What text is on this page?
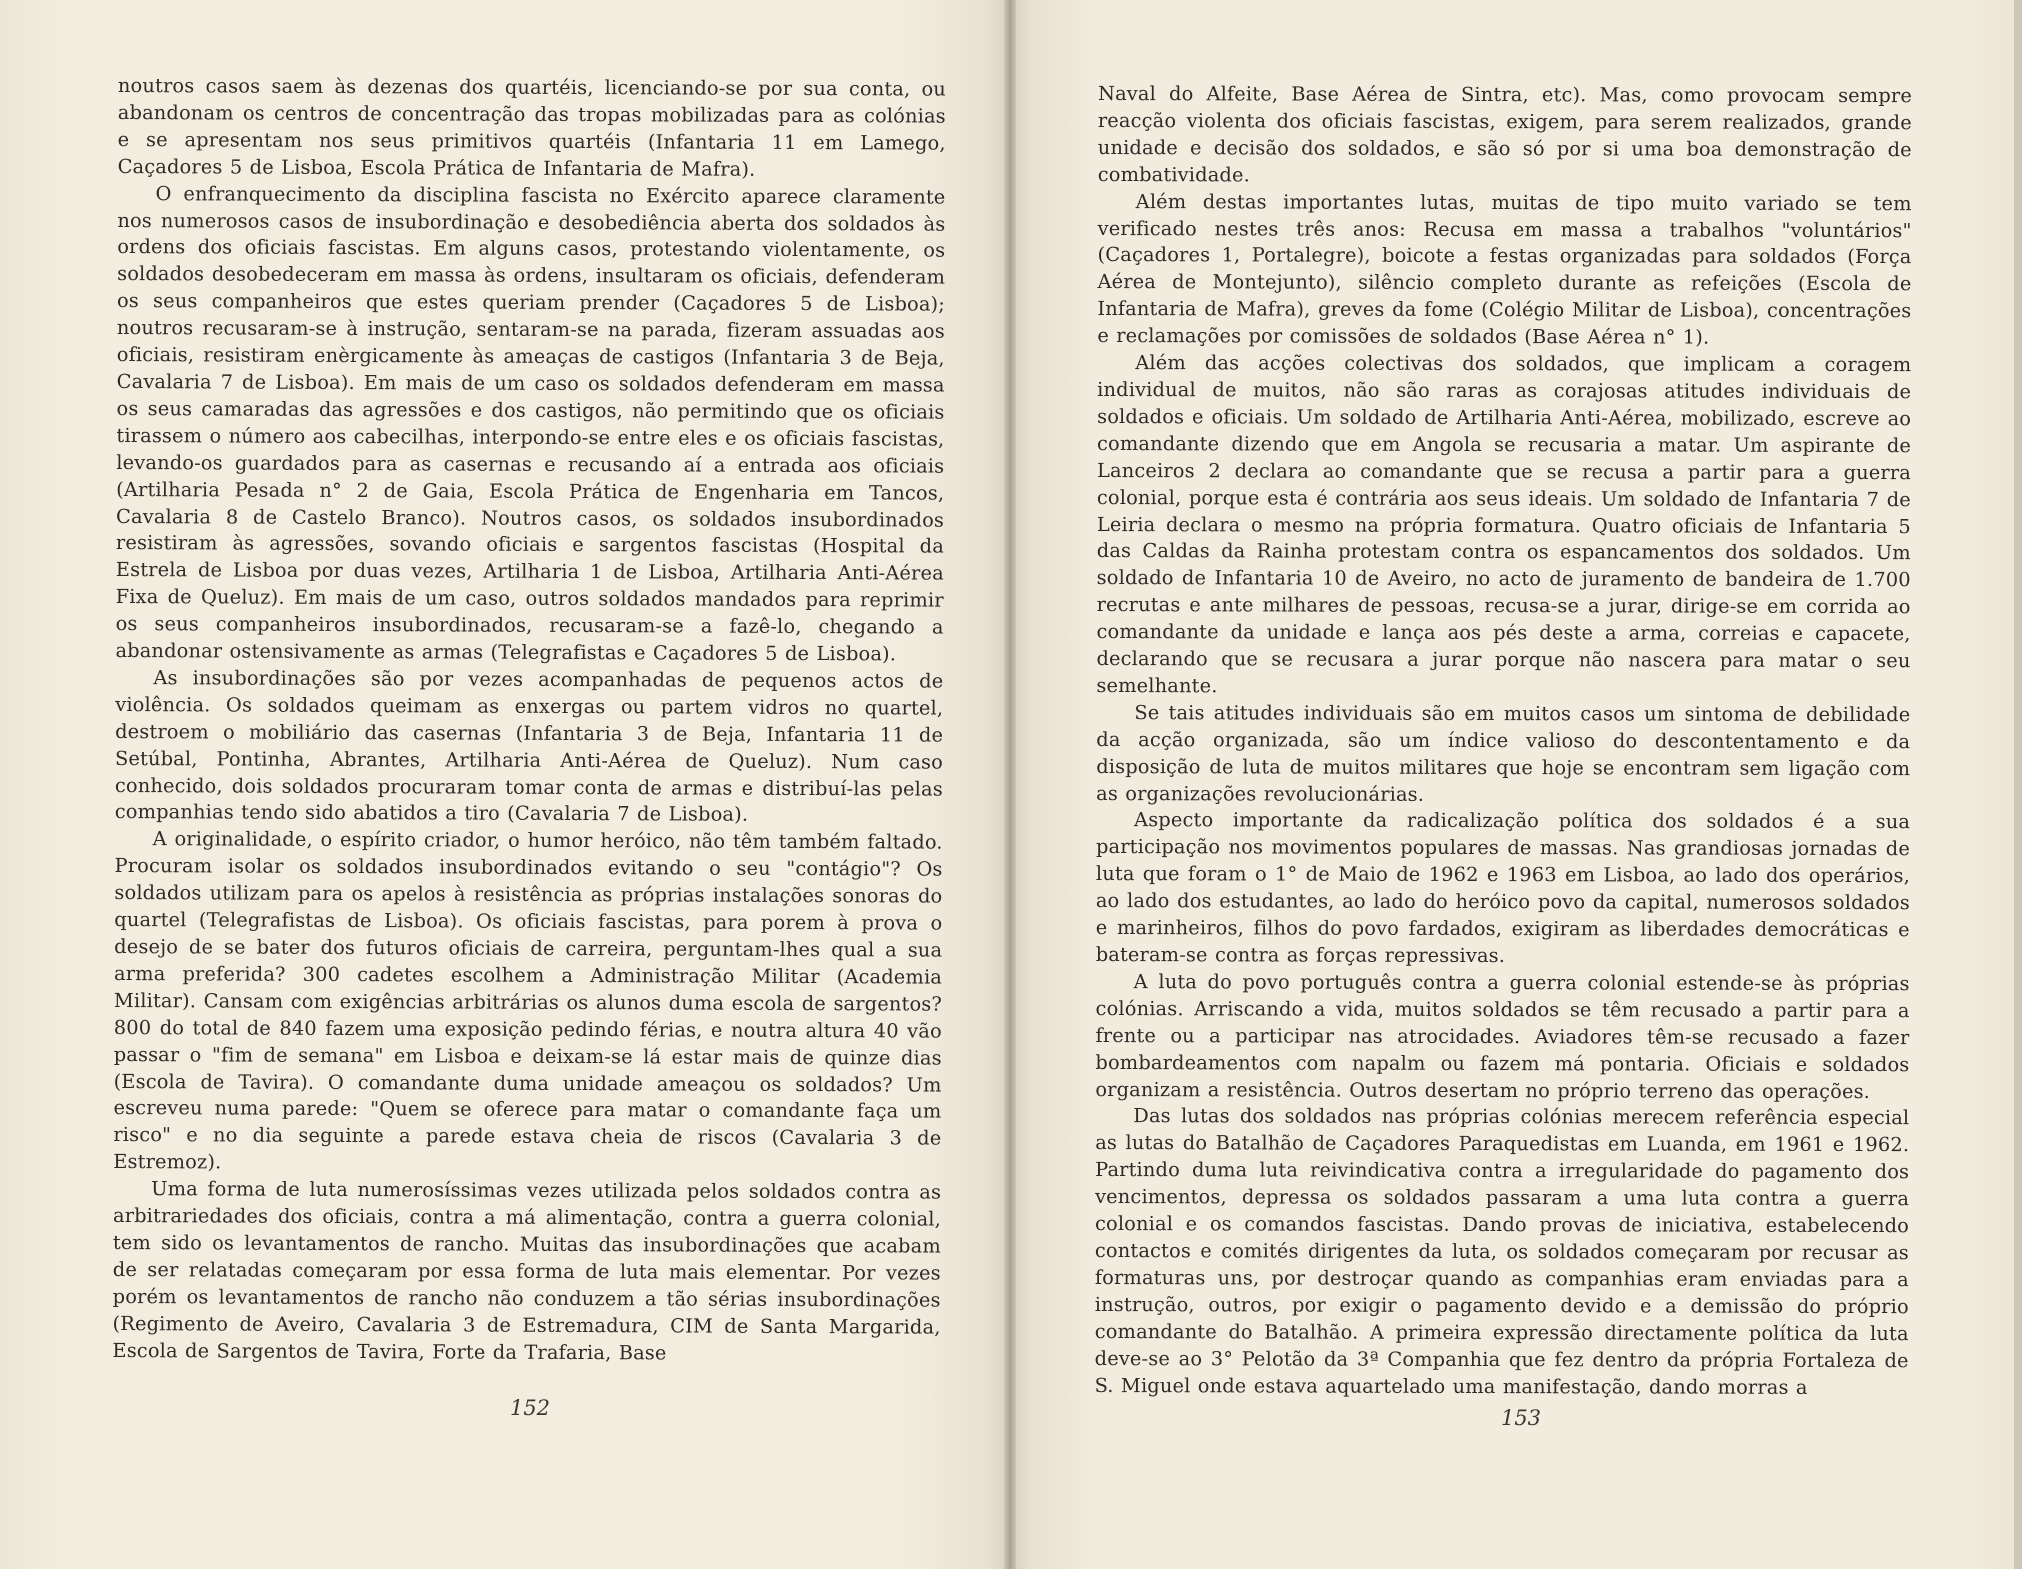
noutros casos saem às dezenas dos quartéis, licenciando-se por sua conta, ou abandonam os centros de concentração das tropas mobilizadas para as colónias e se apresentam nos seus primitivos quartéis (Infantaria 11 em Lamego, Caçadores 5 de Lisboa, Escola Prática de Infantaria de Mafra).

O enfranquecimento da disciplina fascista no Exército aparece claramente nos numerosos casos de insubordinação e desobediência aberta dos soldados às ordens dos oficiais fascistas. Em alguns casos, protestando violentamente, os soldados desobedeceram em massa às ordens, insultaram os oficiais, defenderam os seus companheiros que estes queriam prender (Caçadores 5 de Lisboa); noutros recusaram-se à instrução, sentaram-se na parada, fizeram assuadas aos oficiais, resistiram enèrgicamente às ameaças de castigos (Infantaria 3 de Beja, Cavalaria 7 de Lisboa). Em mais de um caso os soldados defenderam em massa os seus camaradas das agressões e dos castigos, não permitindo que os oficiais tirassem o número aos cabecilhas, interpondo-se entre eles e os oficiais fascistas, levando-os guardados para as casernas e recusando aí a entrada aos oficiais (Artilharia Pesada n° 2 de Gaia, Escola Prática de Engenharia em Tancos, Cavalaria 8 de Castelo Branco). Noutros casos, os soldados insubordinados resistiram às agressões, sovando oficiais e sargentos fascistas (Hospital da Estrela de Lisboa por duas vezes, Artilharia 1 de Lisboa, Artilharia Anti-Aérea Fixa de Queluz). Em mais de um caso, outros soldados mandados para reprimir os seus companheiros insubordinados, recusaram-se a fazê-lo, chegando a abandonar ostensivamente as armas (Telegrafistas e Caçadores 5 de Lisboa).

As insubordinações são por vezes acompanhadas de pequenos actos de violência. Os soldados queimam as enxergas ou partem vidros no quartel, destroem o mobiliário das casernas (Infantaria 3 de Beja, Infantaria 11 de Setúbal, Pontinha, Abrantes, Artilharia Anti-Aérea de Queluz). Num caso conhecido, dois soldados procuraram tomar conta de armas e distribuí-las pelas companhias tendo sido abatidos a tiro (Cavalaria 7 de Lisboa).

A originalidade, o espírito criador, o humor heróico, não têm também faltado. Procuram isolar os soldados insubordinados evitando o seu "contágio"? Os soldados utilizam para os apelos à resistência as próprias instalações sonoras do quartel (Telegrafistas de Lisboa). Os oficiais fascistas, para porem à prova o desejo de se bater dos futuros oficiais de carreira, perguntam-lhes qual a sua arma preferida? 300 cadetes escolhem a Administração Militar (Academia Militar). Cansam com exigências arbitrárias os alunos duma escola de sargentos? 800 do total de 840 fazem uma exposição pedindo férias, e noutra altura 40 vão passar o "fim de semana" em Lisboa e deixam-se lá estar mais de quinze dias (Escola de Tavira). O comandante duma unidade ameaçou os soldados? Um escreveu numa parede: "Quem se oferece para matar o comandante faça um risco" e no dia seguinte a parede estava cheia de riscos (Cavalaria 3 de Estremoz).

Uma forma de luta numerosíssimas vezes utilizada pelos soldados contra as arbitrariedades dos oficiais, contra a má alimentação, contra a guerra colonial, tem sido os levantamentos de rancho. Muitas das insubordinações que acabam de ser relatadas começaram por essa forma de luta mais elementar. Por vezes porém os levantamentos de rancho não conduzem a tão sérias insubordinações (Regimento de Aveiro, Cavalaria 3 de Estremadura, CIM de Santa Margarida, Escola de Sargentos de Tavira, Forte da Trafaria, Base

152

Naval do Alfeite, Base Aérea de Sintra, etc). Mas, como provocam sempre reacção violenta dos oficiais fascistas, exigem, para serem realizados, grande unidade e decisão dos soldados, e são só por si uma boa demonstração de combatividade.

Além destas importantes lutas, muitas de tipo muito variado se tem verificado nestes três anos: Recusa em massa a trabalhos "voluntários" (Caçadores 1, Portalegre), boicote a festas organizadas para soldados (Força Aérea de Montejunto), silêncio completo durante as refeições (Escola de Infantaria de Mafra), greves da fome (Colégio Militar de Lisboa), concentrações e reclamações por comissões de soldados (Base Aérea n° 1).

Além das acções colectivas dos soldados, que implicam a coragem individual de muitos, não são raras as corajosas atitudes individuais de soldados e oficiais. Um soldado de Artilharia Anti-Aérea, mobilizado, escreve ao comandante dizendo que em Angola se recusaria a matar. Um aspirante de Lanceiros 2 declara ao comandante que se recusa a partir para a guerra colonial, porque esta é contrária aos seus ideais. Um soldado de Infantaria 7 de Leiria declara o mesmo na própria formatura. Quatro oficiais de Infantaria 5 das Caldas da Rainha protestam contra os espancamentos dos soldados. Um soldado de Infantaria 10 de Aveiro, no acto de juramento de bandeira de 1.700 recrutas e ante milhares de pessoas, recusa-se a jurar, dirige-se em corrida ao comandante da unidade e lança aos pés deste a arma, correias e capacete, declarando que se recusara a jurar porque não nascera para matar o seu semelhante.

Se tais atitudes individuais são em muitos casos um sintoma de debilidade da acção organizada, são um índice valioso do descontentamento e da disposição de luta de muitos militares que hoje se encontram sem ligação com as organizações revolucionárias.

Aspecto importante da radicalização política dos soldados é a sua participação nos movimentos populares de massas. Nas grandiosas jornadas de luta que foram o 1° de Maio de 1962 e 1963 em Lisboa, ao lado dos operários, ao lado dos estudantes, ao lado do heróico povo da capital, numerosos soldados e marinheiros, filhos do povo fardados, exigiram as liberdades democráticas e bateram-se contra as forças repressivas.

A luta do povo português contra a guerra colonial estende-se às próprias colónias. Arriscando a vida, muitos soldados se têm recusado a partir para a frente ou a participar nas atrocidades. Aviadores têm-se recusado a fazer bombardeamentos com napalm ou fazem má pontaria. Oficiais e soldados organizam a resistência. Outros desertam no próprio terreno das operações.

Das lutas dos soldados nas próprias colónias merecem referência especial as lutas do Batalhão de Caçadores Paraquedistas em Luanda, em 1961 e 1962. Partindo duma luta reivindicativa contra a irregularidade do pagamento dos vencimentos, depressa os soldados passaram a uma luta contra a guerra colonial e os comandos fascistas. Dando provas de iniciativa, estabelecendo contactos e comités dirigentes da luta, os soldados começaram por recusar as formaturas uns, por destroçar quando as companhias eram enviadas para a instrução, outros, por exigir o pagamento devido e a demissão do próprio comandante do Batalhão. A primeira expressão directamente política da luta deve-se ao 3° Pelotão da 3ª Companhia que fez dentro da própria Fortaleza de S. Miguel onde estava aquartelado uma manifestação, dando morras a

153
